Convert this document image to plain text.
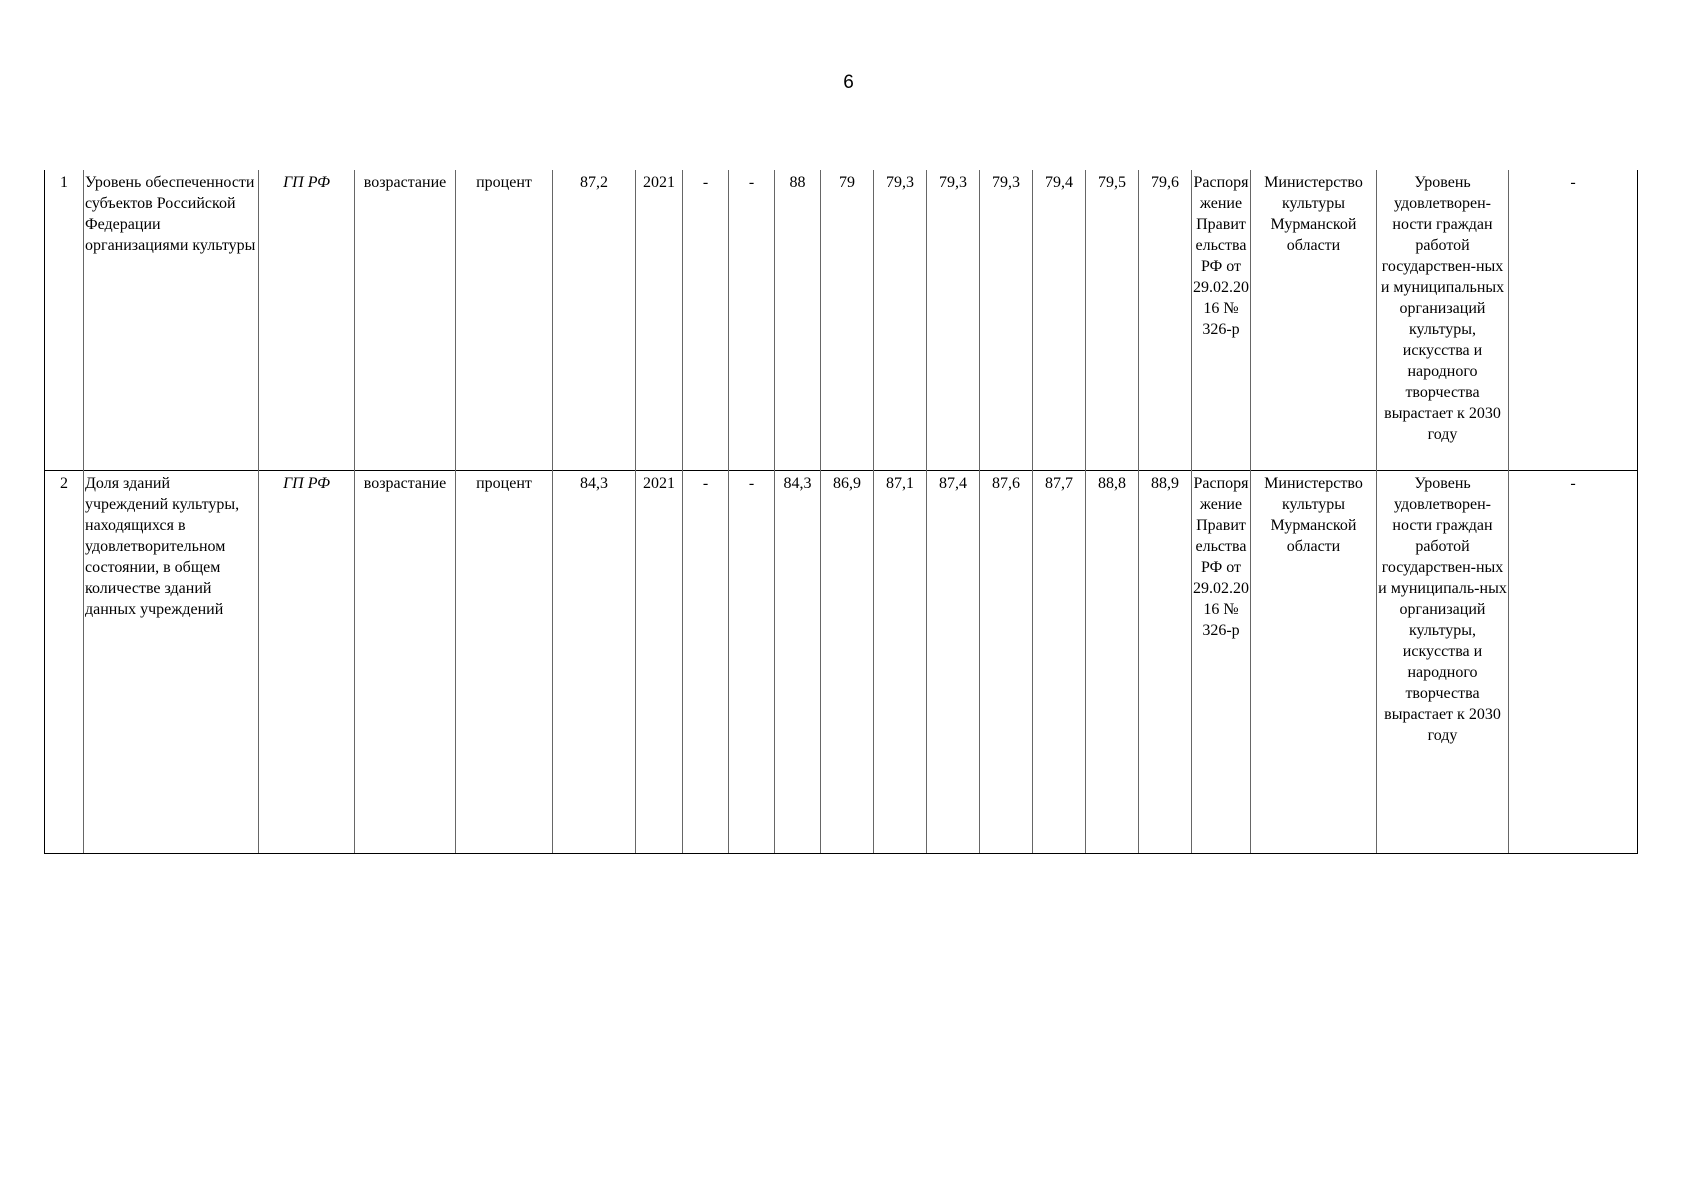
6
1	Уровень обеспеченности субъектов Российской Федерации организациями культуры	ГП РФ	возрастание	процент	87,2	2021	-	-	88	79	79,3	79,3	79,3	79,4	79,5	79,6	Распоряжение Правительства РФ от 29.02.2016 № 326-р	Министерство культуры Мурманской области	Уровень удовлетворен-ности граждан работой государствен-ных и муниципальных организаций культуры, искусства и народного творчества вырастает к 2030 году	-
2	Доля зданий учреждений культуры, находящихся в удовлетворительном состоянии, в общем количестве зданий данных учреждений	ГП РФ	возрастание	процент	84,3	2021	-	-	84,3	86,9	87,1	87,4	87,6	87,7	88,8	88,9	Распоряжение Правительства РФ от 29.02.2016 № 326-р	Министерство культуры Мурманской области	Уровень удовлетворен-ности граждан работой государствен-ных и муниципаль-ных организаций культуры, искусства и народного творчества вырастает к 2030 году	-
